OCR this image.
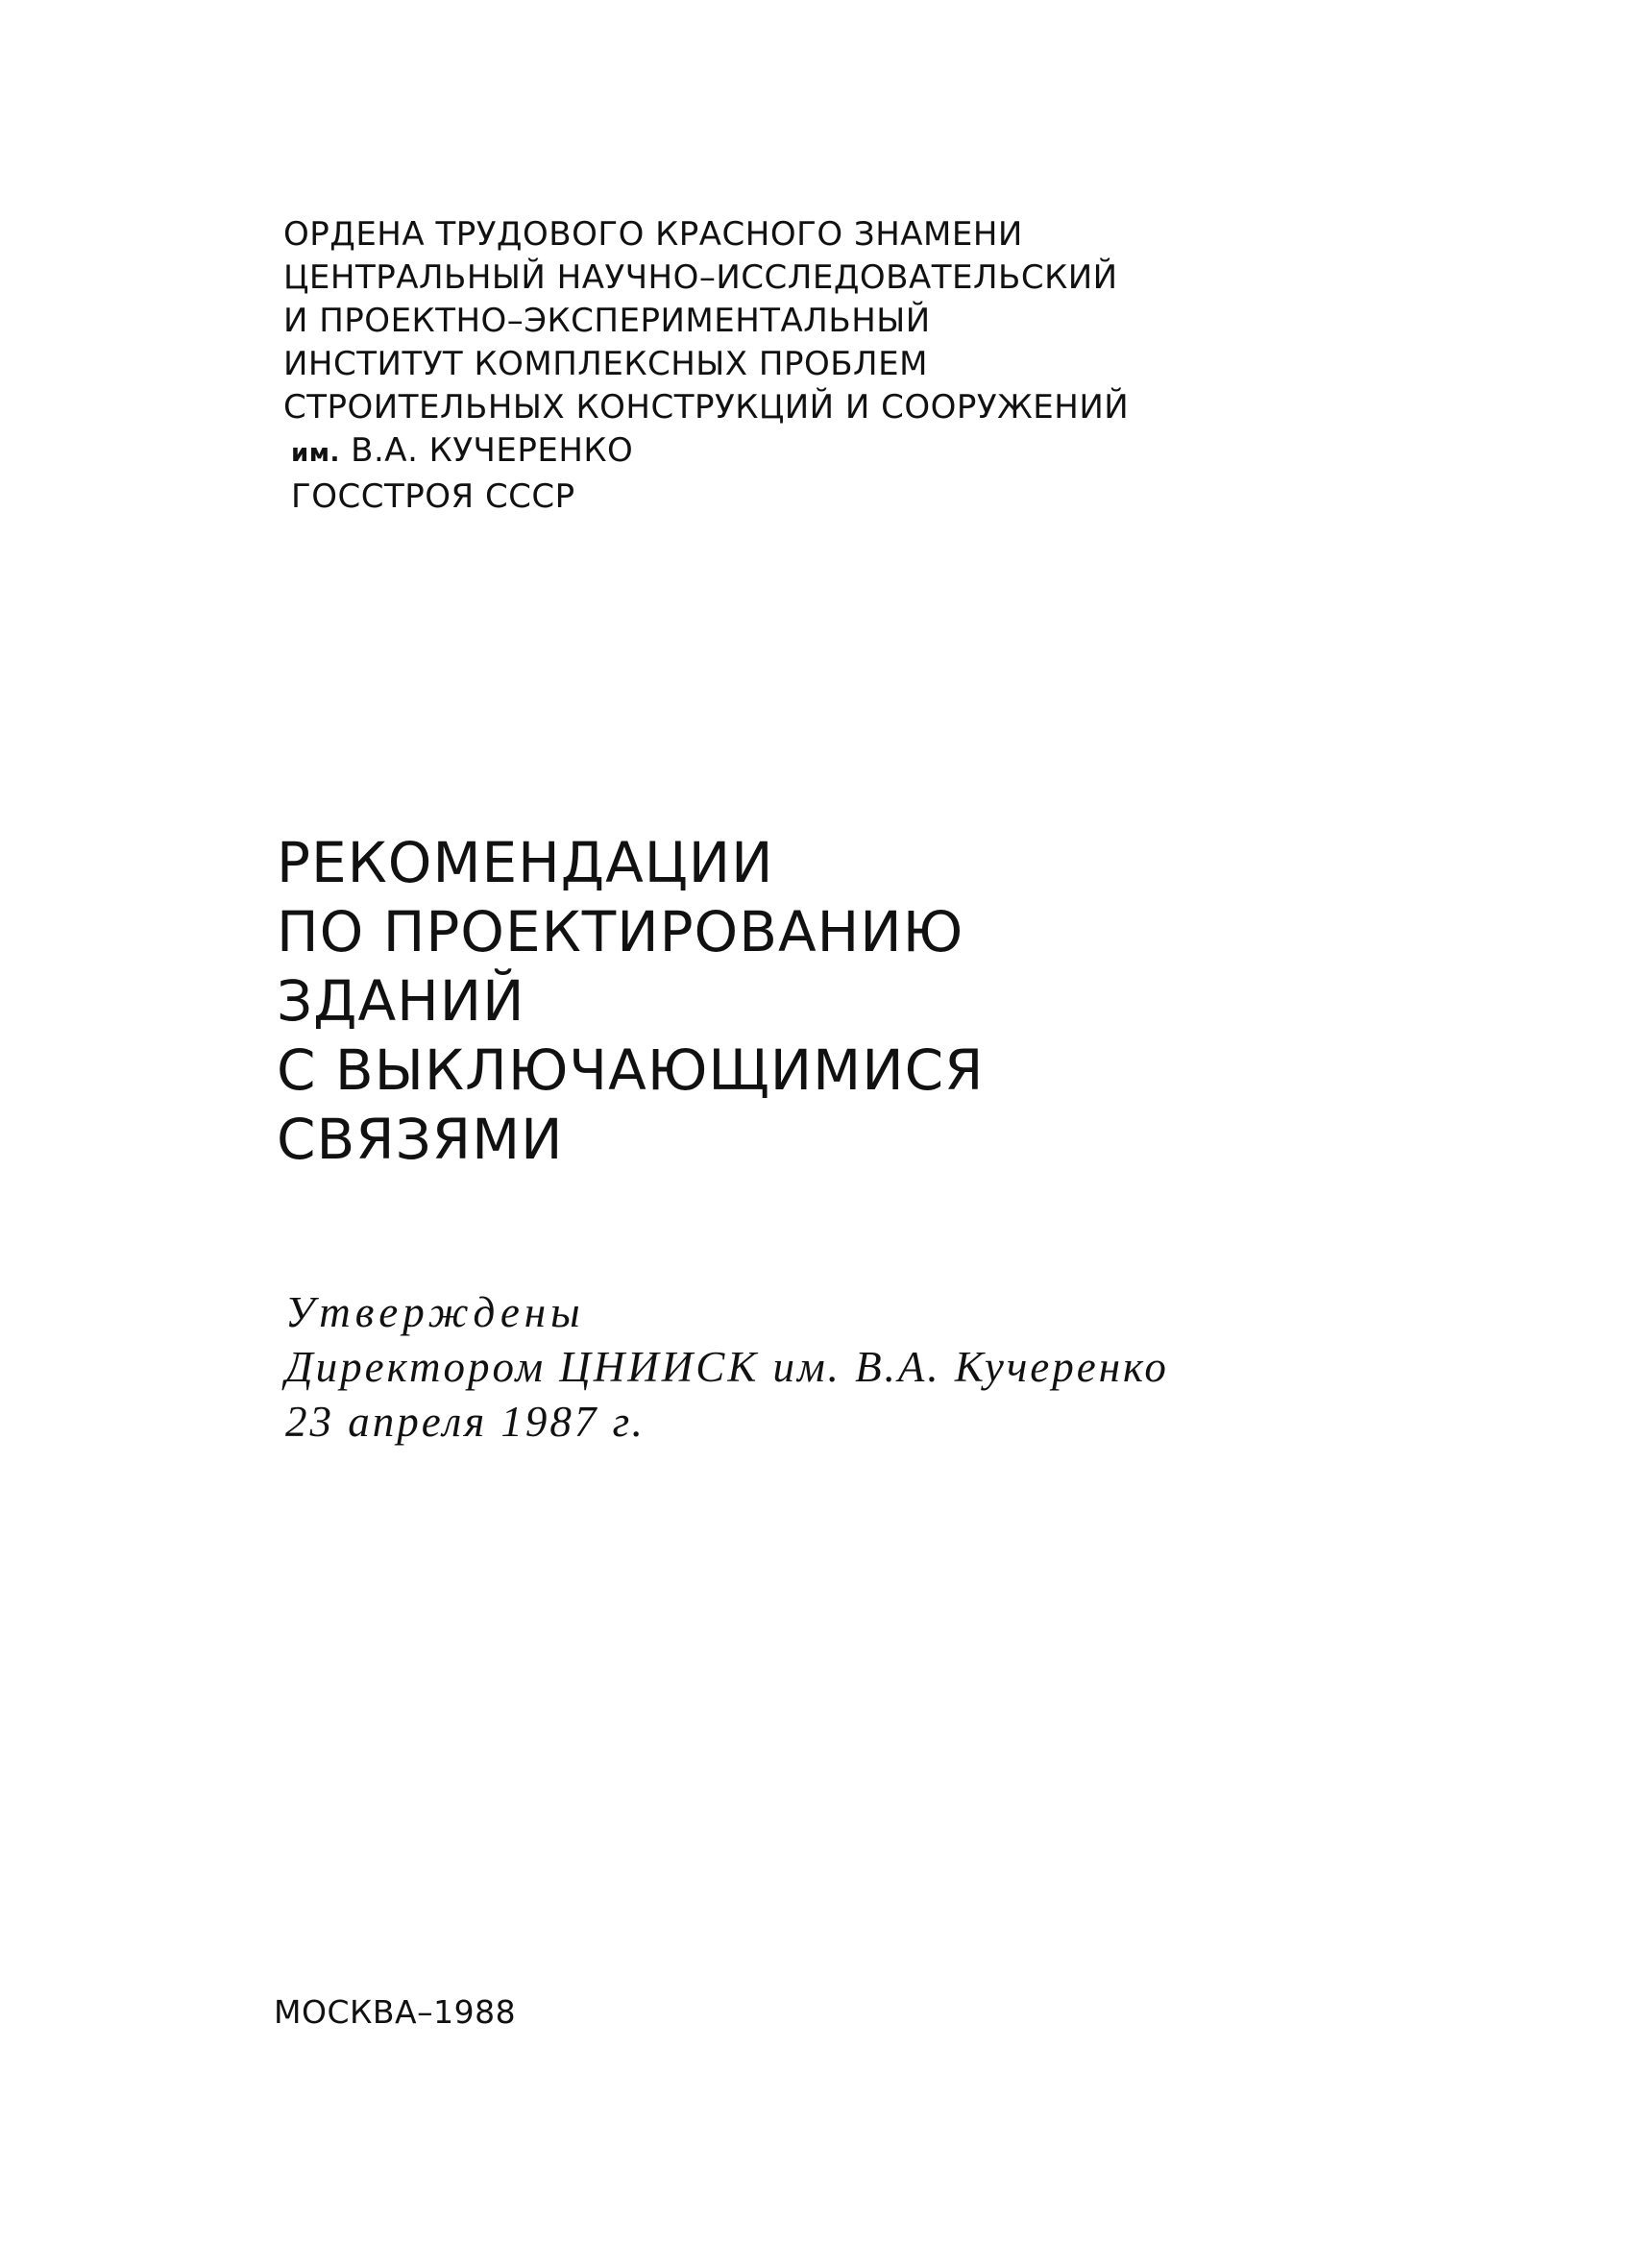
ОРДЕНА ТРУДОВОГО КРАСНОГО ЗНАМЕНИ
ЦЕНТРАЛЬНЫЙ НАУЧНО–ИССЛЕДОВАТЕЛЬСКИЙ
И ПРОЕКТНО–ЭКСПЕРИМЕНТАЛЬНЫЙ
ИНСТИТУТ КОМПЛЕКСНЫХ ПРОБЛЕМ
СТРОИТЕЛЬНЫХ КОНСТРУКЦИЙ И СООРУЖЕНИЙ
им. В.А. КУЧЕРЕНКО
ГОССТРОЯ СССР
РЕКОМЕНДАЦИИ
ПО ПРОЕКТИРОВАНИЮ
ЗДАНИЙ
С ВЫКЛЮЧАЮЩИМИСЯ
СВЯЗЯМИ
Утверждены
Директором ЦНИИСК им. В.А. Кучеренко
23 апреля 1987 г.
МОСКВА–1988
